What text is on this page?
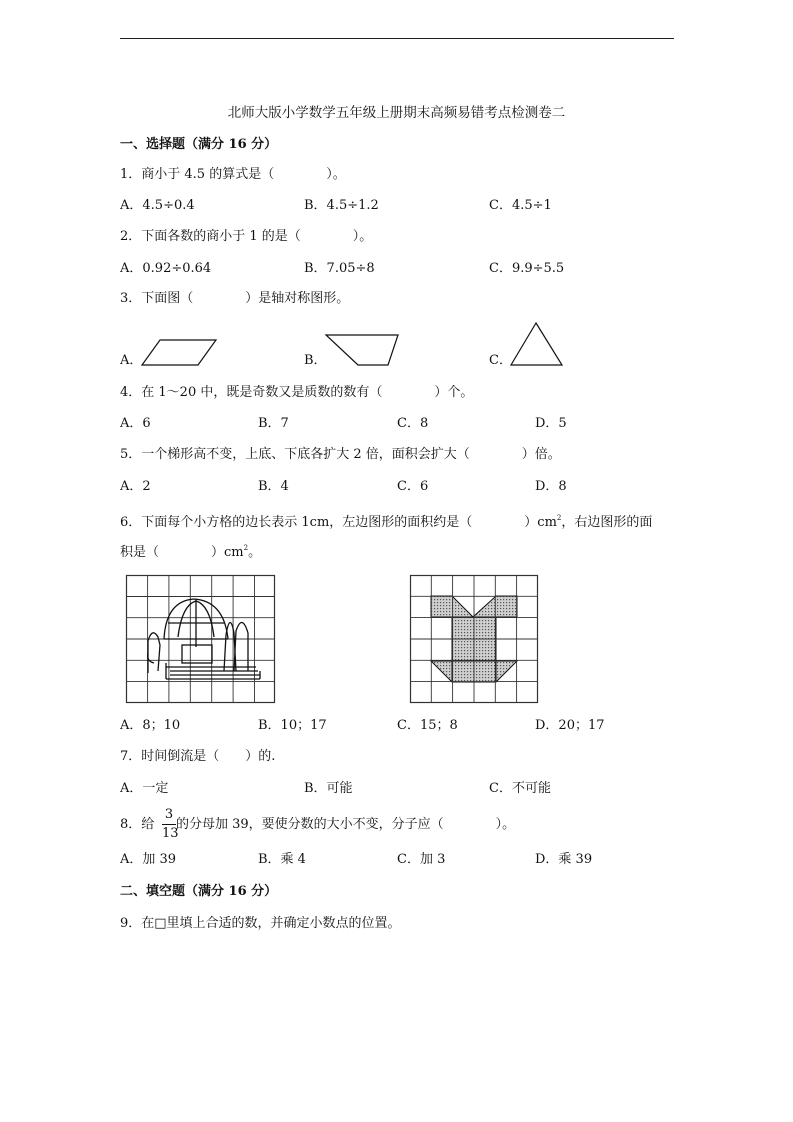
北师大版小学数学五年级上册期末高频易错考点检测卷二
一、选择题（满分 16 分）
1．商小于 4.5 的算式是（　　　　）。
A．4.5÷0.4	B．4.5÷1.2	C．4.5÷1
2．下面各数的商小于 1 的是（　　　　）。
A．0.92÷0.64	B．7.05÷8	C．9.9÷5.5
3．下面图（　　　　）是轴对称图形。
A．	B．	C．
4．在 1～20 中，既是奇数又是质数的数有（　　　　）个。
A．6	B．7	C．8	D．5
5．一个梯形高不变，上底、下底各扩大 2 倍，面积会扩大（　　　　）倍。
A．2	B．4	C．6	D．8
6．下面每个小方格的边长表示 1cm，左边图形的面积约是（　　　　）$cm^2$，右边图形的面
积是（　　　　）$cm^2$。
A．8；10	B．10；17	C．15；8	D．20；17
7．时间倒流是（　　）的.
A．一定	B．可能	C．不可能
8．给
3
13
的分母加 39，要使分数的大小不变，分子应（　　　　）。
A．加 39	B．乘 4	C．加 3	D．乘 39
二、填空题（满分 16 分）
9．在□里填上合适的数，并确定小数点的位置。
